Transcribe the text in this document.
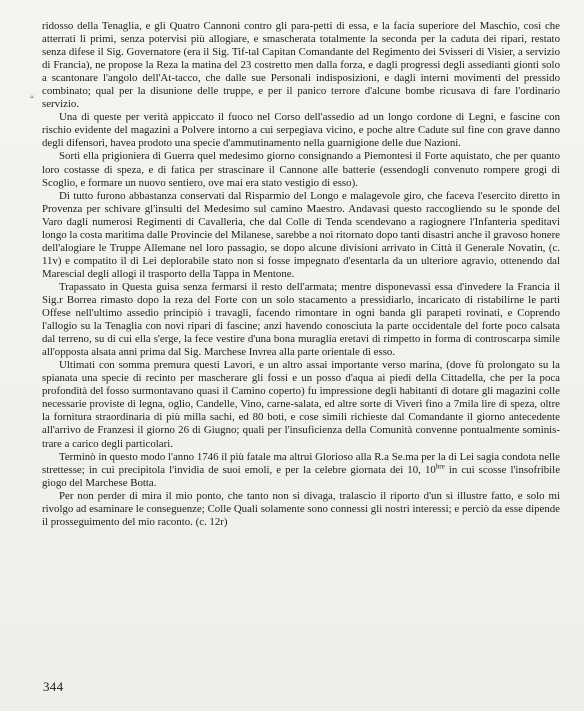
“

ridosso della Tenaglia, e gli Quatro Cannoni contro gli para-petti di essa, e la facia superiore del Maschio, così che atterrati li primi, senza potervisi più allogiare, e smascherata totalmente la seconda per la caduta dei ripari, restato senza difese il Sig. Governatore (era il Sig. Tif-tal Capitan Comandante del Regimento dei Svisseri di Visier, a servizio di Francia), ne propose la Reza la matina del 23 costretto men dalla forza, e dagli progressi degli assedianti gionti solo a scantonare l'angolo dell'At-tacco, che dalle sue Personali indisposizioni, e dagli interni movimenti del pressido combinato; qual per la disunione delle truppe, e per il panico terrore d'alcune bombe ricusava di fare l'ordinario servizio.

Una di queste per verità appiccato il fuoco nel Corso dell'assedio ad un longo cordone di Legni, e fascine con rischio evidente del magazini a Polvere intorno a cui serpegiava vicino, e poche altre Cadute sul fine con grave danno degli difensori, havea prodoto una specie d'ammutinamento nella guarnigione delle due Nazioni.

Sortì ella prigioniera di Guerra quel medesimo giorno consignando a Piemontesi il Forte aquistato, che per quanto loro costasse di speza, e di fatica per strascinare il Cannone alle batterie (essendogli convenuto rompere grogi di Scoglio, e formare un nuovo sentiero, ove mai era stato vestigio di esso).

Di tutto furono abbastanza conservati dal Risparmio del Longo e malagevole giro, che faceva l'esercito diretto in Provenza per schivare gl'insulti del Medesimo sul camino Maestro. Andavasi questo raccogliendo su le sponde del Varo dagli numerosi Regimenti di Cavalleria, che dal Colle di Tenda scendevano a ragiognere l'Infanteria speditavi longo la costa maritima dalle Provincie del Milanese, sarebbe a noi ritornato dopo tanti disastri anche il gravoso honere dell'alogiare le Truppe Allemane nel loro passagio, se dopo alcune divisioni arrivato in Città il Generale Novatin, (c. 11v) e compatito il di Lei deplorabile stato non si fosse impegnato d'esentarla da un ulteriore agravio, ottenendo dal Marescial degli allogi il trasporto della Tappa in Mentone.

Trapassato in Questa guisa senza fermarsi il resto dell'armata; mentre disponevassi essa d'invedere la Francia il Sig.r Borrea rimasto dopo la reza del Forte con un solo stacamento a pressidiarlo, incaricato di ristabilirne le parti Offese nell'ultimo assedio principiò i travagli, facendo rimontare in ogni banda gli parapeti rovinati, e Coprendo l'allogio su la Tenaglia con novi ripari di fascine; anzi havendo conosciuta la parte occidentale del forte poco calsata dal terreno, su di cui ella s'erge, la fece vestire d'una bona muraglia eretavi di rimpetto in forma di controscarpa simile all'opposta alsata anni prima dal Sig. Marchese Invrea alla parte orientale di esso.

Ultimati con somma premura questi Lavori, e un altro assai importante verso marina, (dove fù prolongato su la spianata una specie di recinto per mascherare gli fossi e un posso d'aqua ai piedi della Cittadella, che per la poca profondità del fosso surmontavano quasi il Camino coperto) fu impressione degli habitanti di dotare gli magazini colle necessarie proviste di legna, oglio, Candelle, Vino, carne-salata, ed altre sorte di Viveri fino a 7mila lire di speza, oltre la fornitura straordinaria di più milla sachi, ed 80 boti, e cose simili richieste dal Comandante il giorno antecedente all'arrivo de Franzesi il giorno 26 di Giugno; quali per l'insuficienza della Comunità convenne pontualmente soministrare a carico degli particolari.

Terminò in questo modo l'anno 1746 il più fatale ma altrui Glorioso alla R.a Se.ma per la di Lei sagia condota nelle strettesse; in cui precipitola l'invidia de suoi emoli, e per la celebre giornata dei 10, $10^{bre}$ in cui scosse l'insofribile giogo del Marchese Botta.

Per non perder di mira il mio ponto, che tanto non si divaga, tralascio il riporto d'un sì illustre fatto, e solo mi rivolgo ad esaminare le conseguenze; Colle Quali solamente sono connessi gli nostri interessi; e perciò da esse dipende il prosseguimento del mio raconto. (c. 12r)

344
